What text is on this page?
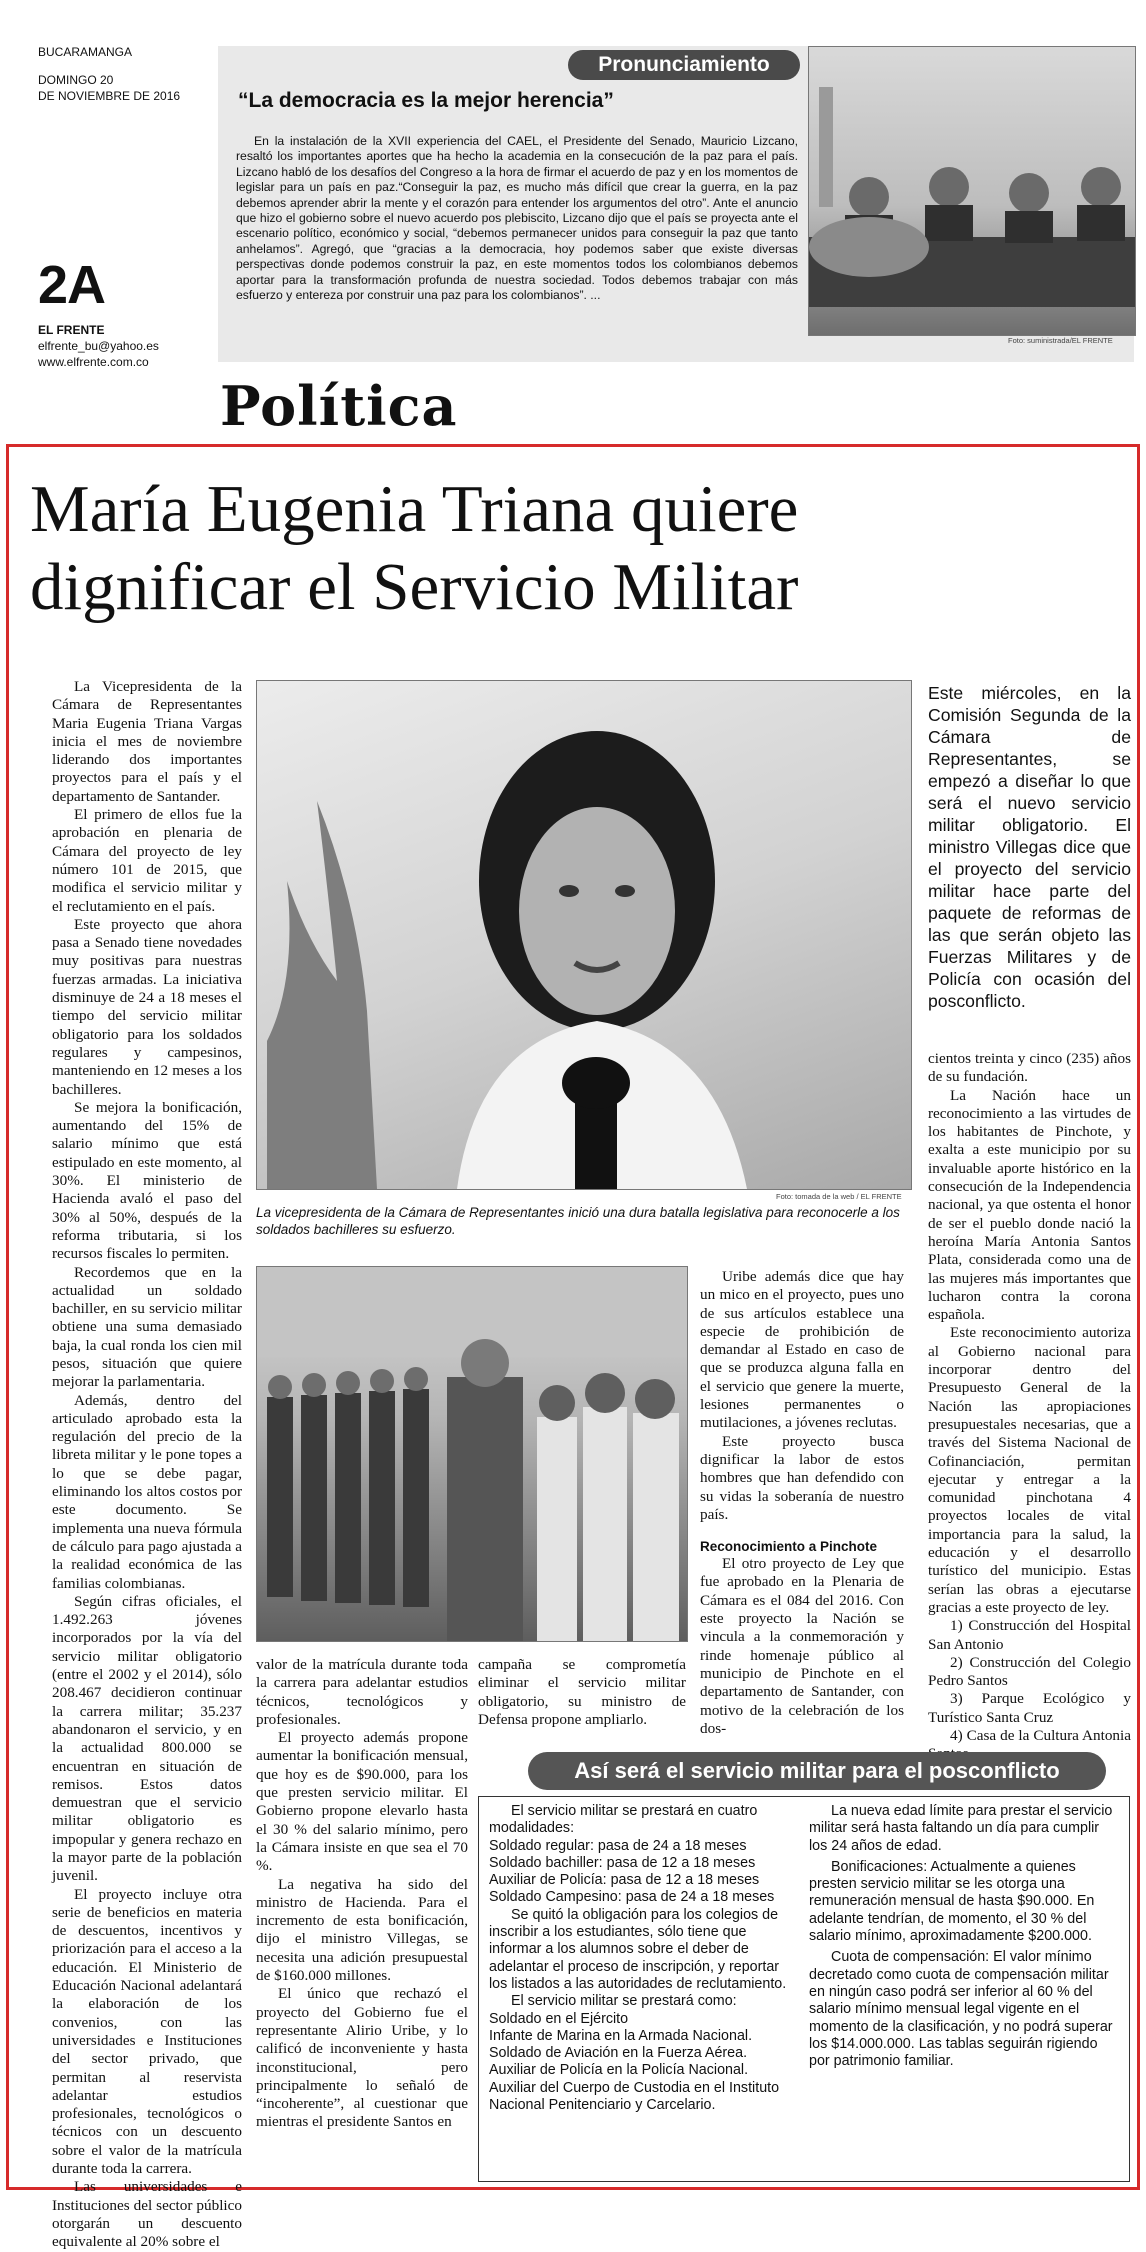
BUCARAMANGA
DOMINGO 20
DE NOVIEMBRE DE 2016
2A
EL FRENTE
elfrente_bu@yahoo.es
www.elfrente.com.co
Pronunciamiento
“La democracia es la mejor herencia”
En la instalación de la XVII experiencia del CAEL, el Presidente del Senado, Mauricio Lizcano, resaltó los importantes aportes que ha hecho la academia en la consecución de la paz para el país. Lizcano habló de los desafíos del Congreso a la hora de firmar el acuerdo de paz y en los momentos de legislar para un país en paz.“Conseguir la paz, es mucho más difícil que crear la guerra, en la paz debemos aprender abrir la mente y el corazón para entender los argumentos del otro”. Ante el anuncio que hizo el gobierno sobre el nuevo acuerdo pos plebiscito, Lizcano dijo que el país se proyecta ante el escenario político, económico y social, “debemos permanecer unidos para conseguir la paz que tanto anhelamos”. Agregó, que “gracias a la democracia, hoy podemos saber que existe diversas perspectivas donde podemos construir la paz, en este momentos todos los colombianos debemos aportar para la transformación profunda de nuestra sociedad. Todos debemos trabajar con más esfuerzo y entereza por construir una paz para los colombianos”. ...
Foto: suministrada/EL FRENTE
Política
María Eugenia Triana quiere
dignificar el Servicio Militar

La Vicepresidenta de la Cámara de Representantes Maria Eugenia Triana Vargas inicia el mes de noviembre liderando dos importantes proyectos para el país y el departamento de Santander.

El primero de ellos fue la aprobación en plenaria de Cámara del proyecto de ley número 101 de 2015, que modifica el servicio militar y el reclutamiento en el país.

Este proyecto que ahora pasa a Senado tiene novedades muy positivas para nuestras fuerzas armadas. La iniciativa disminuye de 24 a 18 meses el tiempo del servicio militar obligatorio para los soldados regulares y campesinos, manteniendo en 12 meses a los bachilleres.

Se mejora la bonificación, aumentando del 15% de salario mínimo que está estipulado en este momento, al 30%. El ministerio de Hacienda avaló el paso del 30% al 50%, después de la reforma tributaria, si los recursos fiscales lo permiten.

Recordemos que en la actualidad un soldado bachiller, en su servicio militar obtiene una suma demasiado baja, la cual ronda los cien mil pesos, situación que quiere mejorar la parlamentaria.

Además, dentro del articulado aprobado esta la regulación del precio de la libreta militar y le pone topes a lo que se debe pagar, eliminando los altos costos por este documento. Se implementa una nueva fórmula de cálculo para pago ajustada a la realidad económica de las familias colombianas.

Según cifras oficiales, el 1.492.263 jóvenes incorporados por la vía del servicio militar obligatorio (entre el 2002 y el 2014), sólo 208.467 decidieron continuar la carrera militar; 35.237 abandonaron el servicio, y en la actualidad 800.000 se encuentran en situación de remisos. Estos datos demuestran que el servicio militar obligatorio es impopular y genera rechazo en la mayor parte de la población juvenil.

El proyecto incluye otra serie de beneficios en materia de descuentos, incentivos y priorización para el acceso a la educación. El Ministerio de Educación Nacional adelantará la elaboración de los convenios, con las universidades e Instituciones del sector privado, que permitan al reservista adelantar estudios profesionales, tecnológicos o técnicos con un descuento sobre el valor de la matrícula durante toda la carrera.

Las universidades e Instituciones del sector público otorgarán un descuento equivalente al 20% sobre el

Foto: tomada de la web / EL FRENTE
La vicepresidenta de la Cámara de Representantes inició una dura batalla legislativa para reconocerle a los soldados bachilleres su esfuerzo.
Este miércoles, en la Comisión Segunda de la Cámara de Representantes, se empezó a diseñar lo que será el nuevo servicio militar obligatorio. El ministro Villegas dice que el proyecto del servicio militar hace parte del paquete de reformas de las que serán objeto las Fuerzas Militares y de Policía con ocasión del posconflicto.

valor de la matrícula durante toda la carrera para adelantar estudios técnicos, tecnológicos y profesionales.

El proyecto además propone aumentar la bonificación mensual, que hoy es de $90.000, para los que presten servicio militar. El Gobierno propone elevarlo hasta el 30 % del salario mínimo, pero la Cámara insiste en que sea el 70 %.

La negativa ha sido del ministro de Hacienda. Para el incremento de esta bonificación, dijo el ministro Villegas, se necesita una adición presupuestal de $160.000 millones.

El único que rechazó el proyecto del Gobierno fue el representante Alirio Uribe, y lo calificó de inconveniente y hasta inconstitucional, pero principalmente lo señaló de “incoherente”, al cuestionar que mientras el presidente Santos en

campaña se comprometía eliminar el servicio militar obligatorio, su ministro de Defensa propone ampliarlo.

Uribe además dice que hay un mico en el proyecto, pues uno de sus artículos establece una especie de prohibición de demandar al Estado en caso de que se produzca alguna falla en el servicio que genere la muerte, lesiones permanentes o mutilaciones, a jóvenes reclutas.

Este proyecto busca dignificar la labor de estos hombres que han defendido con su vidas la soberanía de nuestro país.

Reconocimiento a Pinchote

El otro proyecto de Ley que fue aprobado en la Plenaria de Cámara es el 084 del 2016. Con este proyecto la Nación se vincula a la conmemoración y rinde homenaje público al municipio de Pinchote en el departamento de Santander, con motivo de la celebración de los dos-

cientos treinta y cinco (235) años de su fundación.

La Nación hace un reconocimiento a las virtudes de los habitantes de Pinchote, y exalta a este municipio por su invaluable aporte histórico en la consecución de la Independencia nacional, ya que ostenta el honor de ser el pueblo donde nació la heroína María Antonia Santos Plata, considerada como una de las mujeres más importantes que lucharon contra la corona española.

Este reconocimiento autoriza al Gobierno nacional para incorporar dentro del Presupuesto General de la Nación las apropiaciones presupuestales necesarias, que a través del Sistema Nacional de Cofinanciación, permitan ejecutar y entregar a la comunidad pinchotana 4 proyectos locales de vital importancia para la salud, la educación y el desarrollo turístico del municipio. Estas serían las obras a ejecutarse gracias a este proyecto de ley.

1) Construcción del Hospital San Antonio

2) Construcción del Colegio Pedro Santos

3) Parque Ecológico y Turístico Santa Cruz

4) Casa de la Cultura Antonia

Así será el servicio militar para el posconflicto

El servicio militar se prestará en cuatro modalidades:

Soldado regular: pasa de 24 a 18 meses

Soldado bachiller: pasa de 12 a 18 meses

Auxiliar de Policía: pasa de 12 a 18 meses

Soldado Campesino: pasa de 24 a 18 meses

Se quitó la obligación para los colegios de inscribir a los estudiantes, sólo tiene que informar a los alumnos sobre el deber de adelantar el proceso de inscripción, y reportar los listados a las autoridades de reclutamiento.

El servicio militar se prestará como:

Soldado en el Ejército

Infante de Marina en la Armada Nacional.

Soldado de Aviación en la Fuerza Aérea.

Auxiliar de Policía en la Policía Nacional.

Auxiliar del Cuerpo de Custodia en el Instituto Nacional Penitenciario y Carcelario.

La nueva edad límite para prestar el servicio militar será hasta faltando un día para cumplir los 24 años de edad.

Bonificaciones: Actualmente a quienes presten servicio militar se les otorga una remuneración mensual de hasta $90.000. En adelante tendrían, de momento, el 30 % del salario mínimo, aproximadamente $200.000.

Cuota de compensación: El valor mínimo decretado como cuota de compensación militar en ningún caso podrá ser inferior al 60 % del salario mínimo mensual legal vigente en el momento de la clasificación, y no podrá superar los $14.000.000. Las tablas seguirán rigiendo por patrimonio familiar.
